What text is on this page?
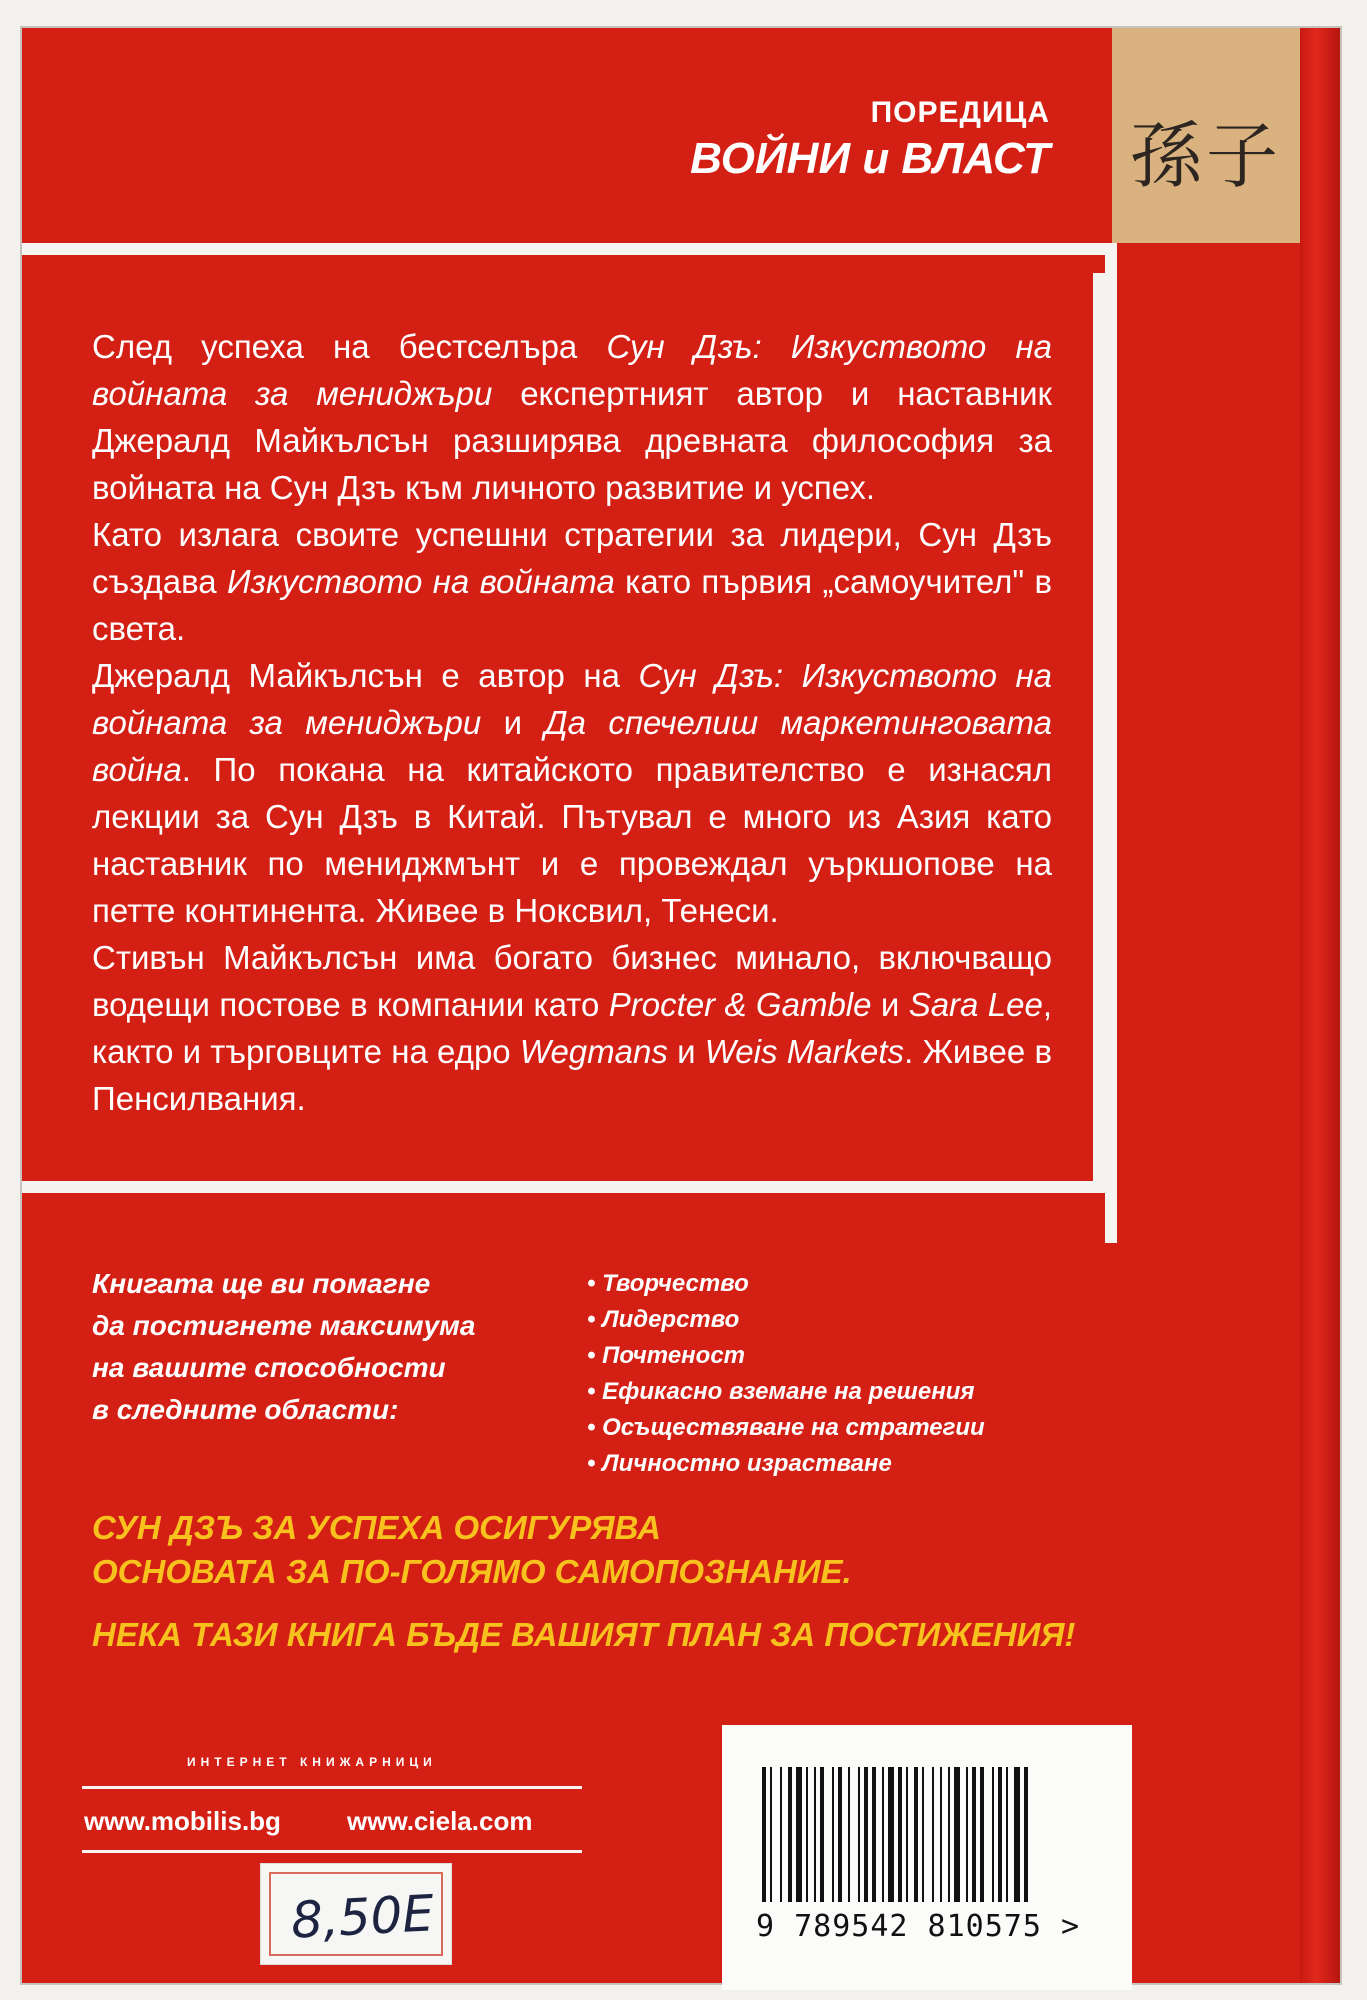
孫子
ПОРЕДИЦА
ВОЙНИ и ВЛАСТ

След успеха на бестселъра Сун Дзъ: Изкуството на войната за мениджъри експертният автор и наставник Джералд Майкълсън разширява древната философия за войната на Сун Дзъ към личното развитие и успех.

Като излага своите успешни стратегии за лидери, Сун Дзъ създава Изкуството на войната като първия „самоучител" в света.

Джералд Майкълсън е автор на Сун Дзъ: Изкуството на войната за мениджъри и Да спечелиш маркетинговата война. По покана на китайското правителство е изнасял лекции за Сун Дзъ в Китай. Пътувал е много из Азия като наставник по мениджмънт и е провеждал уъркшопове на петте континента. Живее в Ноксвил, Тенеси.

Стивън Майкълсън има богато бизнес минало, включващо водещи постове в компании като Procter & Gamble и Sara Lee, както и търговците на едро Wegmans и Weis Markets. Живее в Пенсилвания.

Книгата ще ви помагне
да постигнете максимума
на вашите способности
в следните области:
• Творчество
• Лидерство
• Почтеност
• Ефикасно вземане на решения
• Осъществяване на стратегии
• Личностно израстване
СУН ДЗЪ ЗА УСПЕХА ОСИГУРЯВА ОСНОВАТА ЗА ПО-ГОЛЯМО САМОПОЗНАНИЕ.
НЕКА ТАЗИ КНИГА БЪДЕ ВАШИЯТ ПЛАН ЗА ПОСТИЖЕНИЯ!
ИНТЕРНЕТ КНИЖАРНИЦИ
www.mobilis.bg	www.ciela.com
8,50E	9 789542 810575 >
